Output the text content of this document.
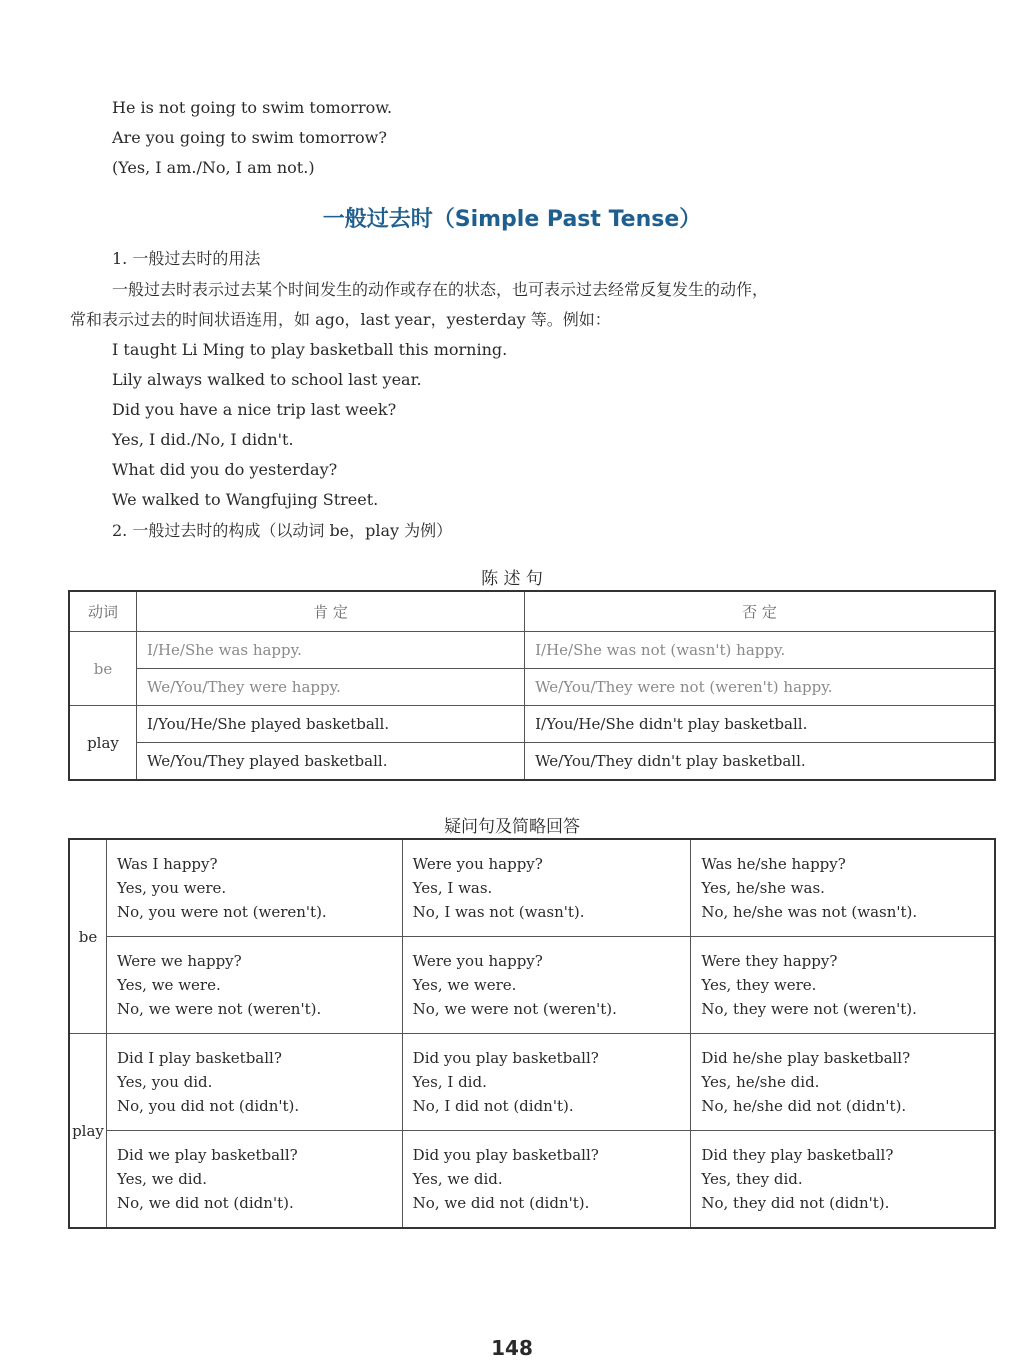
He is not going to swim tomorrow.
Are you going to swim tomorrow?
(Yes, I am./No, I am not.)
一般过去时（Simple Past Tense）
1. 一般过去时的用法
一般过去时表示过去某个时间发生的动作或存在的状态，也可表示过去经常反复发生的动作，
常和表示过去的时间状语连用，如 ago，last year，yesterday 等。例如：
I taught Li Ming to play basketball this morning.
Lily always walked to school last year.
Did you have a nice trip last week?
Yes, I did./No, I didn't.
What did you do yesterday?
We walked to Wangfujing Street.
2. 一般过去时的构成（以动词 be，play 为例）
陈 述 句
动词	肯 定	否 定
be	I/He/She was happy.	I/He/She was not (wasn't) happy.
	We/You/They were happy.	We/You/They were not (weren't) happy.
play	I/You/He/She played basketball.	I/You/He/She didn't play basketball.
	We/You/They played basketball.	We/You/They didn't play basketball.
疑问句及简略回答
be	Was I happy?
Yes, you were.
No, you were not (weren't).	Were you happy?
Yes, I was.
No, I was not (wasn't).	Was he/she happy?
Yes, he/she was.
No, he/she was not (wasn't).

	Were we happy?
Yes, we were.
No, we were not (weren't).	Were you happy?
Yes, we were.
No, we were not (weren't).	Were they happy?
Yes, they were.
No, they were not (weren't).

play	Did I play basketball?
Yes, you did.
No, you did not (didn't).	Did you play basketball?
Yes, I did.
No, I did not (didn't).	Did he/she play basketball?
Yes, he/she did.
No, he/she did not (didn't).

	Did we play basketball?
Yes, we did.
No, we did not (didn't).	Did you play basketball?
Yes, we did.
No, we did not (didn't).	Did they play basketball?
Yes, they did.
No, they did not (didn't).
148
